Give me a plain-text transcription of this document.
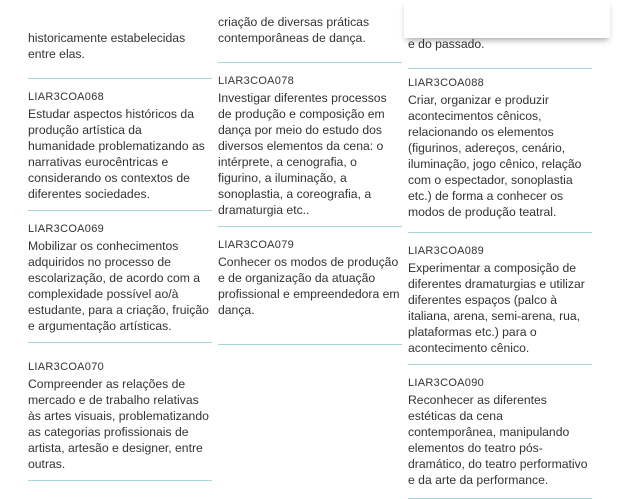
historicamente estabelecidas entre elas.

LIAR3COA068

Estudar aspectos históricos da produção artística da humanidade problematizando as narrativas eurocêntricas e considerando os contextos de diferentes sociedades.

LIAR3COA069

Mobilizar os conhecimentos adquiridos no processo de escolarização, de acordo com a complexidade possível ao/à estudante, para a criação, fruição e argumentação artísticas.

LIAR3COA070

Compreender as relações de mercado e de trabalho relativas às artes visuais, problematizando as categorias profissionais de artista, artesão e designer, entre outras.

criação de diversas práticas contemporâneas de dança.

LIAR3COA078

Investigar diferentes processos de produção e composição em dança por meio do estudo dos diversos elementos da cena: o intérprete, a cenografia, o figurino, a iluminação, a sonoplastia, a coreografia, a dramaturgia etc..

LIAR3COA079

Conhecer os modos de produção e de organização da atuação profissional e empreendedora em dança.

e do passado.

LIAR3COA088

Criar, organizar e produzir acontecimentos cênicos, relacionando os elementos (figurinos, adereços, cenário, iluminação, jogo cênico, relação com o espectador, sonoplastia etc.) de forma a conhecer os modos de produção teatral.

LIAR3COA089

Experimentar a composição de diferentes dramaturgias e utilizar diferentes espaços (palco à italiana, arena, semi-arena, rua, plataformas etc.) para o acontecimento cênico.

LIAR3COA090

Reconhecer as diferentes estéticas da cena contemporânea, manipulando elementos do teatro pós-dramático, do teatro performativo e da arte da performance.
